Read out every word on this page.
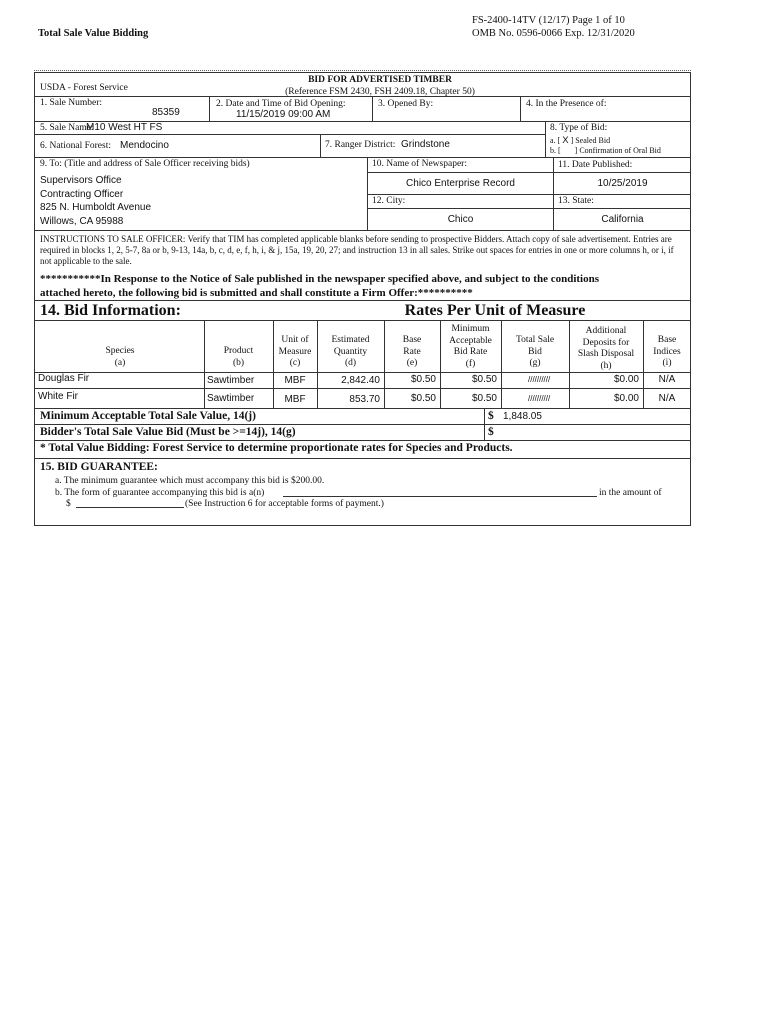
Total Sale Value Bidding
FS-2400-14TV (12/17) Page 1 of 10
OMB No. 0596-0066 Exp. 12/31/2020
USDA - Forest Service
BID FOR ADVERTISED TIMBER
(Reference FSM 2430, FSH 2409.18, Chapter 50)
1. Sale Number:
85359
2. Date and Time of Bid Opening:
11/15/2019 09:00 AM
3. Opened By:	4. In the Presence of:
5. Sale Name:
M10 West HT FS	8. Type of Bid:
6. National Forest: Mendocino	7. Ranger District: Grindstone	a. [ X ] Sealed Bid
b. [ ] Confirmation of Oral Bid
9. To: (Title and address of Sale Officer receiving bids)
Supervisors Office
Contracting Officer
825 N. Humboldt Avenue
Willows, CA 95988
10. Name of Newspaper:
Chico Enterprise Record
11. Date Published:
10/25/2019
12. City:
Chico
13. State:
California
INSTRUCTIONS TO SALE OFFICER: Verify that TIM has completed applicable blanks before sending to prospective Bidders. Attach copy of sale advertisement. Entries are required in blocks 1, 2, 5-7, 8a or b, 9-13, 14a, b, c, d, e, f, h, i, & j, 15a, 19, 20, 27; and instruction 13 in all sales. Strike out spaces for entries in one or more columns h, or i, if not applicable to the sale.
***********In Response to the Notice of Sale published in the newspaper specified above, and subject to the conditions
attached hereto, the following bid is submitted and shall constitute a Firm Offer:**********
14. Bid Information:	Rates Per Unit of Measure
Species
(a)
Product
(b)
Unit of
Measure
(c)
Estimated
Quantity
(d)
Base
Rate
(e)
Minimum
Acceptable
Bid Rate
(f)
Total Sale
Bid
(g)
Additional
Deposits for
Slash Disposal
(h)
Base
Indices
(i)
Douglas Fir	Sawtimber	MBF	2,842.40	$0.50	$0.50	//////////	$0.00	N/A
White Fir	Sawtimber	MBF	853.70	$0.50	$0.50	//////////	$0.00	N/A
Minimum Acceptable Total Sale Value, 14(j)	$ 1,848.05
Bidder's Total Sale Value Bid (Must be >=14j), 14(g)	$
* Total Value Bidding: Forest Service to determine proportionate rates for Species and Products.
15. BID GUARANTEE:
a. The minimum guarantee which must accompany this bid is $200.00.
b. The form of guarantee accompanying this bid is a(n)	in the amount of
$	(See Instruction 6 for acceptable forms of payment.)
